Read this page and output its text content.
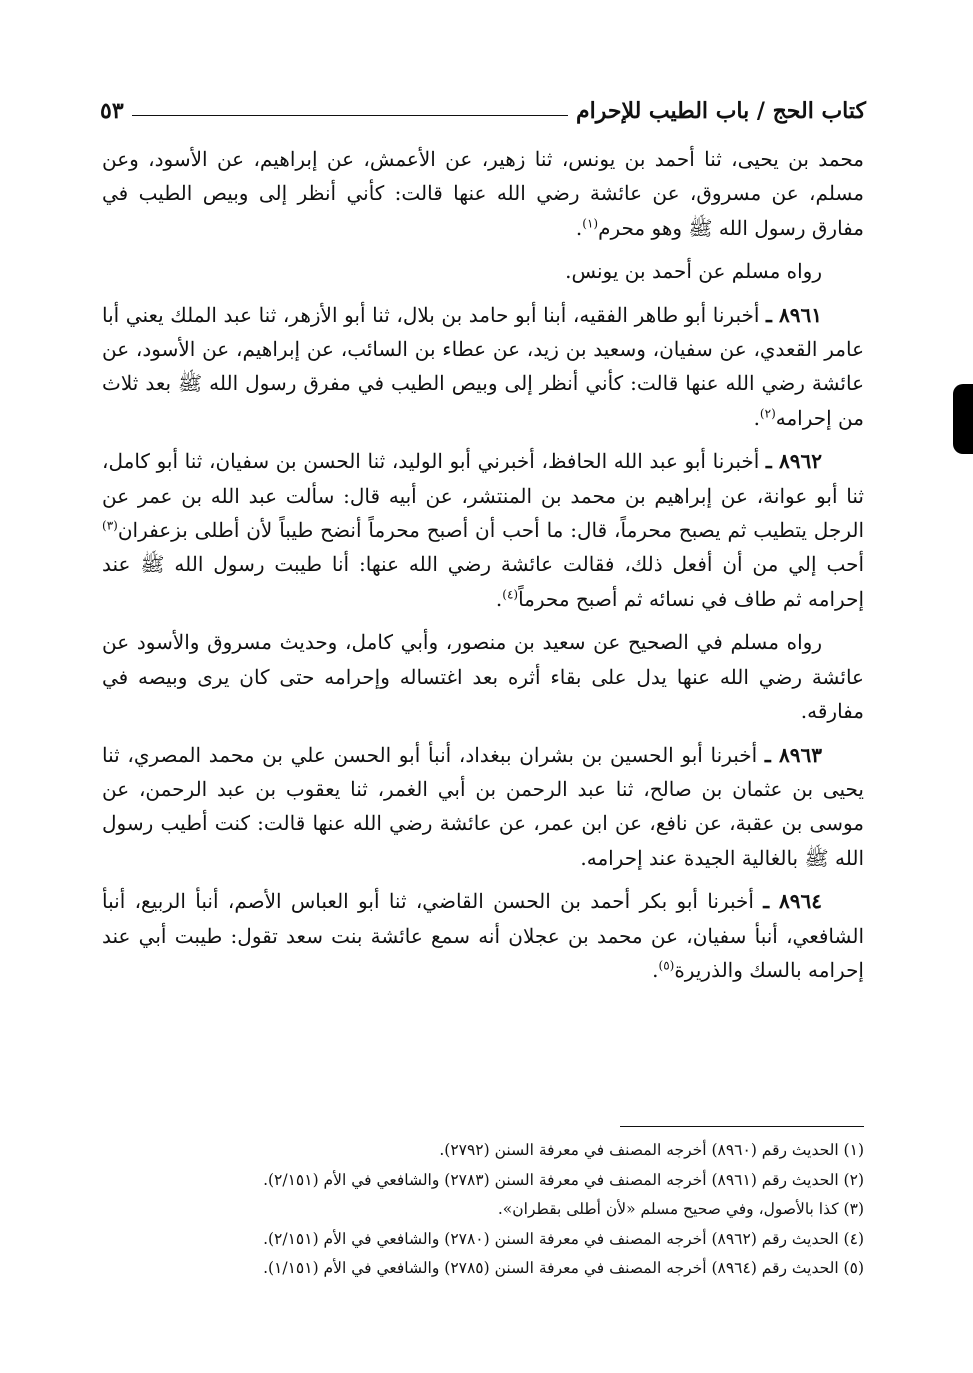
كتاب الحج / باب الطيب للإحرام
٥٣

محمد بن يحيى، ثنا أحمد بن يونس، ثنا زهير، عن الأعمش، عن إبراهيم، عن الأسود، وعن مسلم، عن مسروق، عن عائشة رضي الله عنها قالت: كأني أنظر إلى وبيص الطيب في مفارق رسول الله ﷺ وهو محرم$^{(١)}$.

رواه مسلم عن أحمد بن يونس.

٨٩٦١ ـ أخبرنا أبو طاهر الفقيه، أبنا أبو حامد بن بلال، ثنا أبو الأزهر، ثنا عبد الملك يعني أبا عامر القعدي، عن سفيان، وسعيد بن زيد، عن عطاء بن السائب، عن إبراهيم، عن الأسود، عن عائشة رضي الله عنها قالت: كأني أنظر إلى وبيص الطيب في مفرق رسول الله ﷺ بعد ثلاث من إحرامه$^{(٢)}$.

٨٩٦٢ ـ أخبرنا أبو عبد الله الحافظ، أخبرني أبو الوليد، ثنا الحسن بن سفيان، ثنا أبو كامل، ثنا أبو عوانة، عن إبراهيم بن محمد بن المنتشر، عن أبيه قال: سألت عبد الله بن عمر عن الرجل يتطيب ثم يصبح محرماً، قال: ما أحب أن أصبح محرماً أنضح طيباً لأن أطلى بزعفران$^{(٣)}$ أحب إلي من أن أفعل ذلك، فقالت عائشة رضي الله عنها: أنا طيبت رسول الله ﷺ عند إحرامه ثم طاف في نسائه ثم أصبح محرماً$^{(٤)}$.

رواه مسلم في الصحيح عن سعيد بن منصور، وأبي كامل، وحديث مسروق والأسود عن عائشة رضي الله عنها يدل على بقاء أثره بعد اغتساله وإحرامه حتى كان يرى وبيصه في مفارقه.

٨٩٦٣ ـ أخبرنا أبو الحسين بن بشران ببغداد، أنبأ أبو الحسن علي بن محمد المصري، ثنا يحيى بن عثمان بن صالح، ثنا عبد الرحمن بن أبي الغمر، ثنا يعقوب بن عبد الرحمن، عن موسى بن عقبة، عن نافع، عن ابن عمر، عن عائشة رضي الله عنها قالت: كنت أطيب رسول الله ﷺ بالغالية الجيدة عند إحرامه.

٨٩٦٤ ـ أخبرنا أبو بكر أحمد بن الحسن القاضي، ثنا أبو العباس الأصم، أنبأ الربيع، أنبأ الشافعي، أنبأ سفيان، عن محمد بن عجلان أنه سمع عائشة بنت سعد تقول: طيبت أبي عند إحرامه بالسك والذريرة$^{(٥)}$.

(١) الحديث رقم (٨٩٦٠) أخرجه المصنف في معرفة السنن (٢٧٩٢).

(٢) الحديث رقم (٨٩٦١) أخرجه المصنف في معرفة السنن (٢٧٨٣) والشافعي في الأم (٢/١٥١).

(٣) كذا بالأصول، وفي صحيح مسلم «لأن أطلى بقطران».

(٤) الحديث رقم (٨٩٦٢) أخرجه المصنف في معرفة السنن (٢٧٨٠) والشافعي في الأم (٢/١٥١).

(٥) الحديث رقم (٨٩٦٤) أخرجه المصنف في معرفة السنن (٢٧٨٥) والشافعي في الأم (١/١٥١).
